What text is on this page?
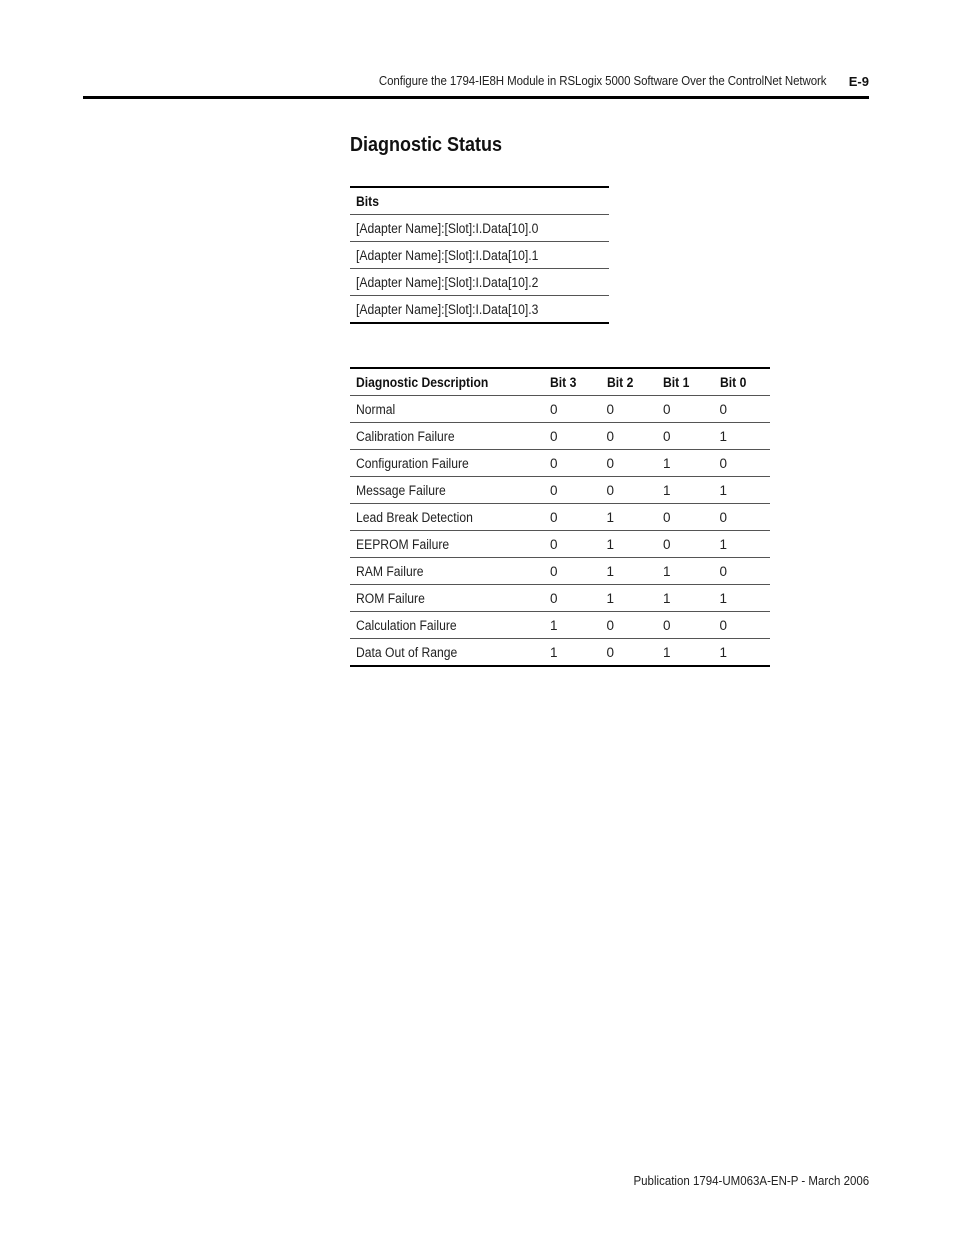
Configure the 1794-IE8H Module in RSLogix 5000 Software Over the ControlNet Network E-9
Diagnostic Status
Bits
[Adapter Name]:[Slot]:I.Data[10].0
[Adapter Name]:[Slot]:I.Data[10].1
[Adapter Name]:[Slot]:I.Data[10].2
[Adapter Name]:[Slot]:I.Data[10].3
Diagnostic Description	Bit 3	Bit 2	Bit 1	Bit 0
Normal	0	0	0	0
Calibration Failure	0	0	0	1
Configuration Failure	0	0	1	0
Message Failure	0	0	1	1
Lead Break Detection	0	1	0	0
EEPROM Failure	0	1	0	1
RAM Failure	0	1	1	0
ROM Failure	0	1	1	1
Calculation Failure	1	0	0	0
Data Out of Range	1	0	1	1
Publication 1794-UM063A-EN-P - March 2006
